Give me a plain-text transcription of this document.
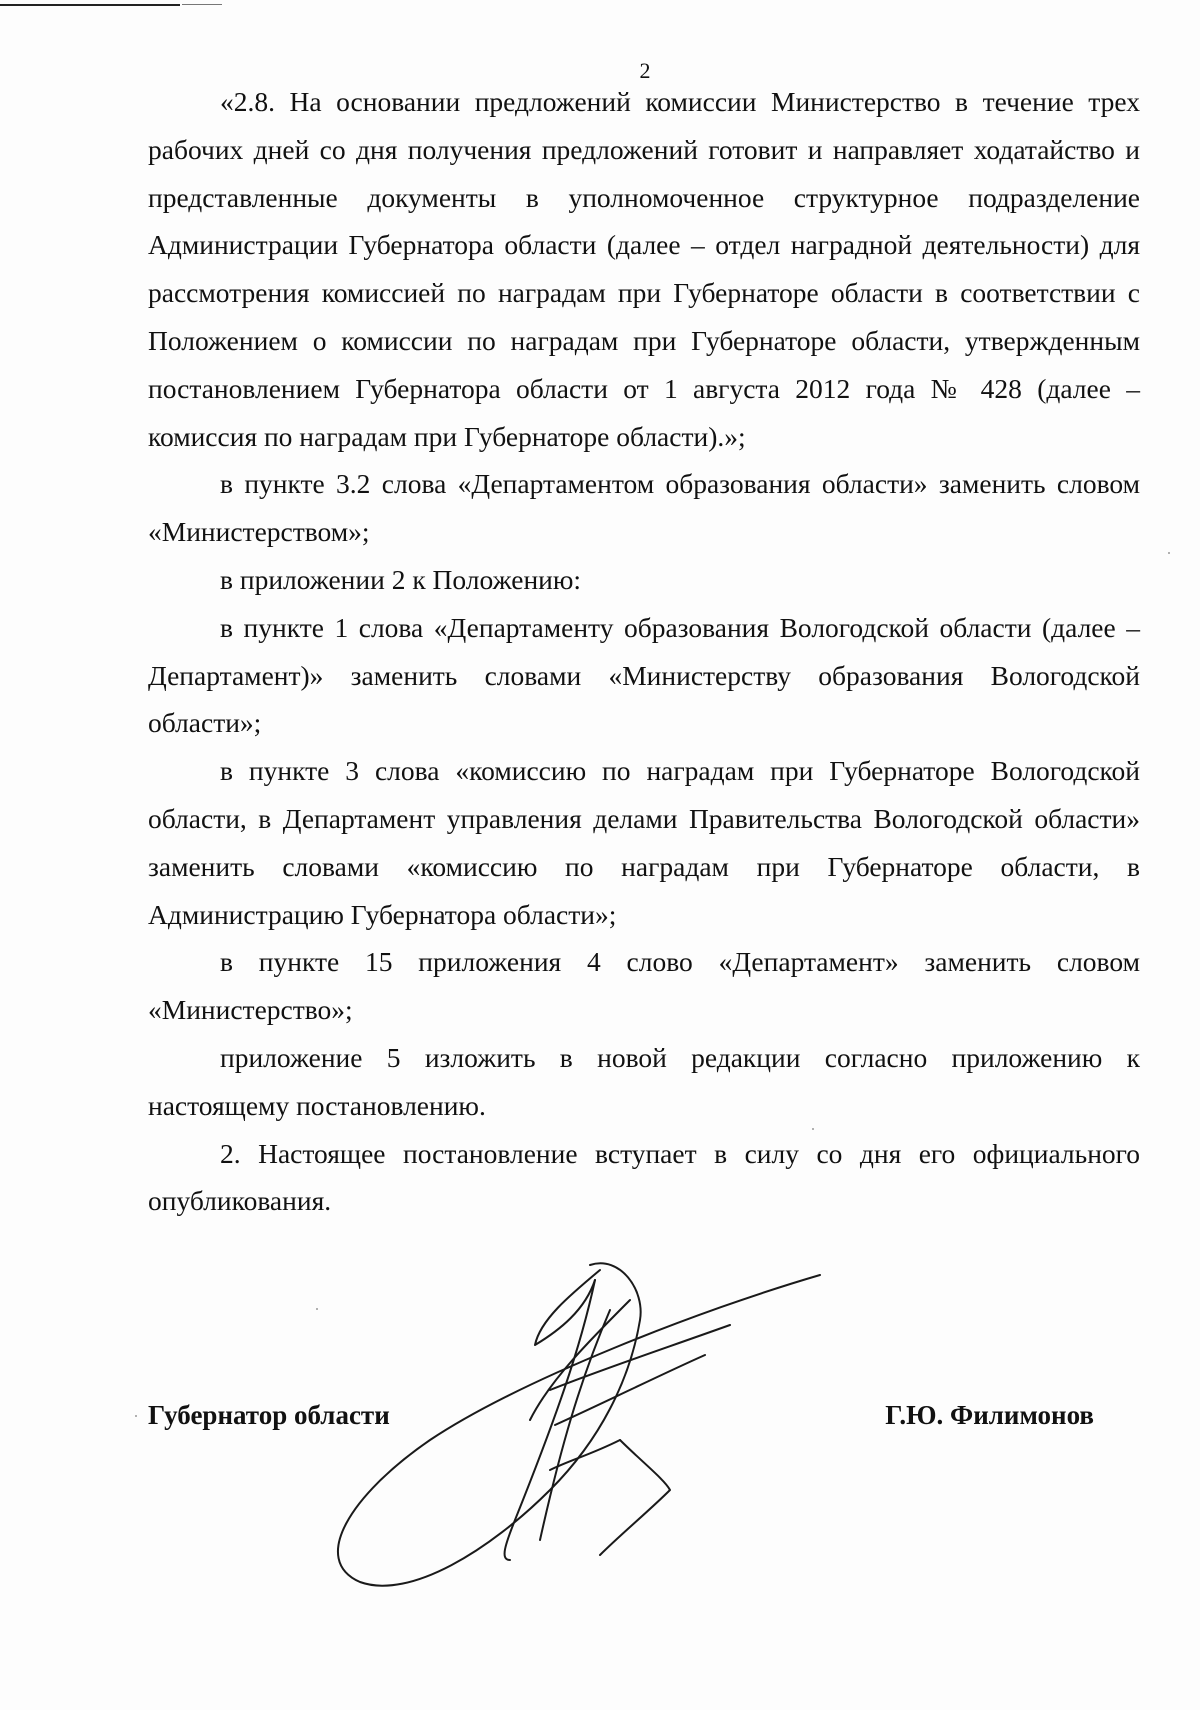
2

«2.8. На основании предложений комиссии Министерство в течение трех рабочих дней со дня получения предложений готовит и направляет ходатайство и представленные документы в уполномоченное структурное подразделение Администрации Губернатора области (далее – отдел наградной деятельности) для рассмотрения комиссией по наградам при Губернаторе области в соответствии с Положением о комиссии по наградам при Губернаторе области, утвержденным постановлением Губернатора области от 1 августа 2012 года № 428 (далее – комиссия по наградам при Губернаторе области).»;

в пункте 3.2 слова «Департаментом образования области» заменить словом «Министерством»;

в приложении 2 к Положению:

в пункте 1 слова «Департаменту образования Вологодской области (далее – Департамент)» заменить словами «Министерству образования Вологодской области»;

в пункте 3 слова «комиссию по наградам при Губернаторе Вологодской области, в Департамент управления делами Правительства Вологодской области» заменить словами «комиссию по наградам при Губернаторе области, в Администрацию Губернатора области»;

в пункте 15 приложения 4 слово «Департамент» заменить словом «Министерство»;

приложение 5 изложить в новой редакции согласно приложению к настоящему постановлению.

2. Настоящее постановление вступает в силу со дня его официального опубликования.

Губернатор области	Г.Ю. Филимонов
